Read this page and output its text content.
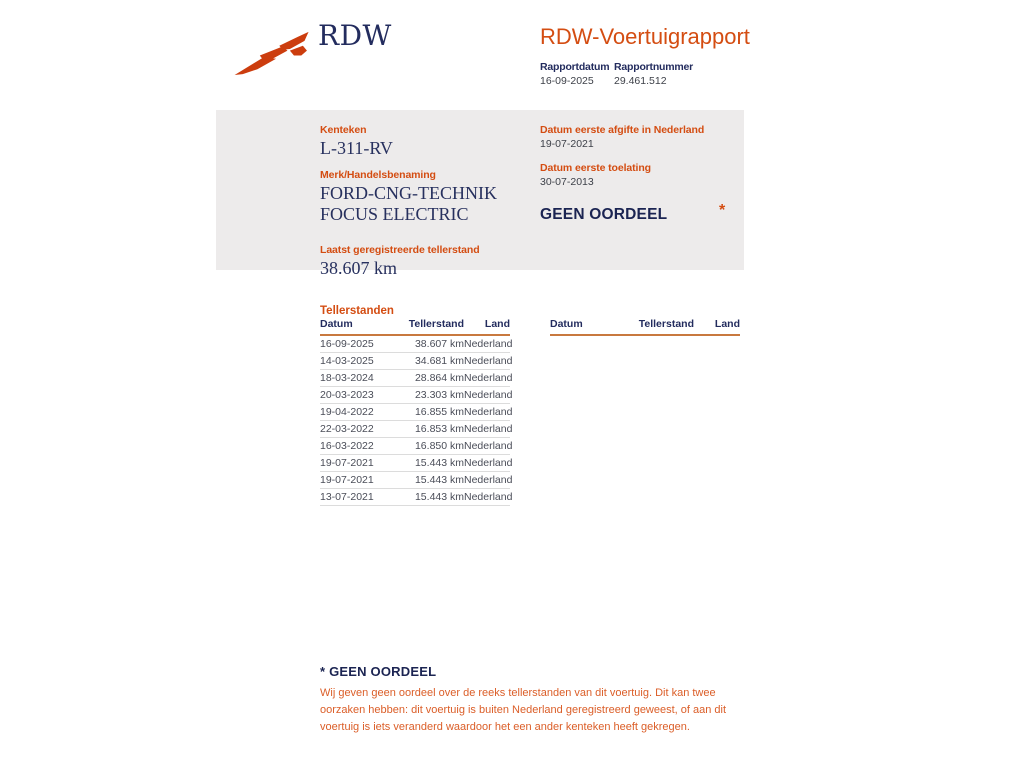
RDW	RDW-Voertuigrapport
Rapportdatum Rapportnummer
16-09-2025 29.461.512
Kenteken
L-311-RV
Merk/Handelsbenaming
FORD-CNG-TECHNIK
FOCUS ELECTRIC
Laatst geregistreerde tellerstand
38.607 km
Datum eerste afgifte in Nederland
19-07-2021
Datum eerste toelating
30-07-2013
GEEN OORDEEL	*
Tellerstanden
Datum	Tellerstand	Land
16-09-2025	38.607 km	Nederland
14-03-2025	34.681 km	Nederland
18-03-2024	28.864 km	Nederland
20-03-2023	23.303 km	Nederland
19-04-2022	16.855 km	Nederland
22-03-2022	16.853 km	Nederland
16-03-2022	16.850 km	Nederland
19-07-2021	15.443 km	Nederland
19-07-2021	15.443 km	Nederland
13-07-2021	15.443 km	Nederland
Datum	Tellerstand	Land
* GEEN OORDEEL
Wij geven geen oordeel over de reeks tellerstanden van dit voertuig. Dit kan twee oorzaken hebben: dit voertuig is buiten Nederland geregistreerd geweest, of aan dit voertuig is iets veranderd waardoor het een ander kenteken heeft gekregen.
